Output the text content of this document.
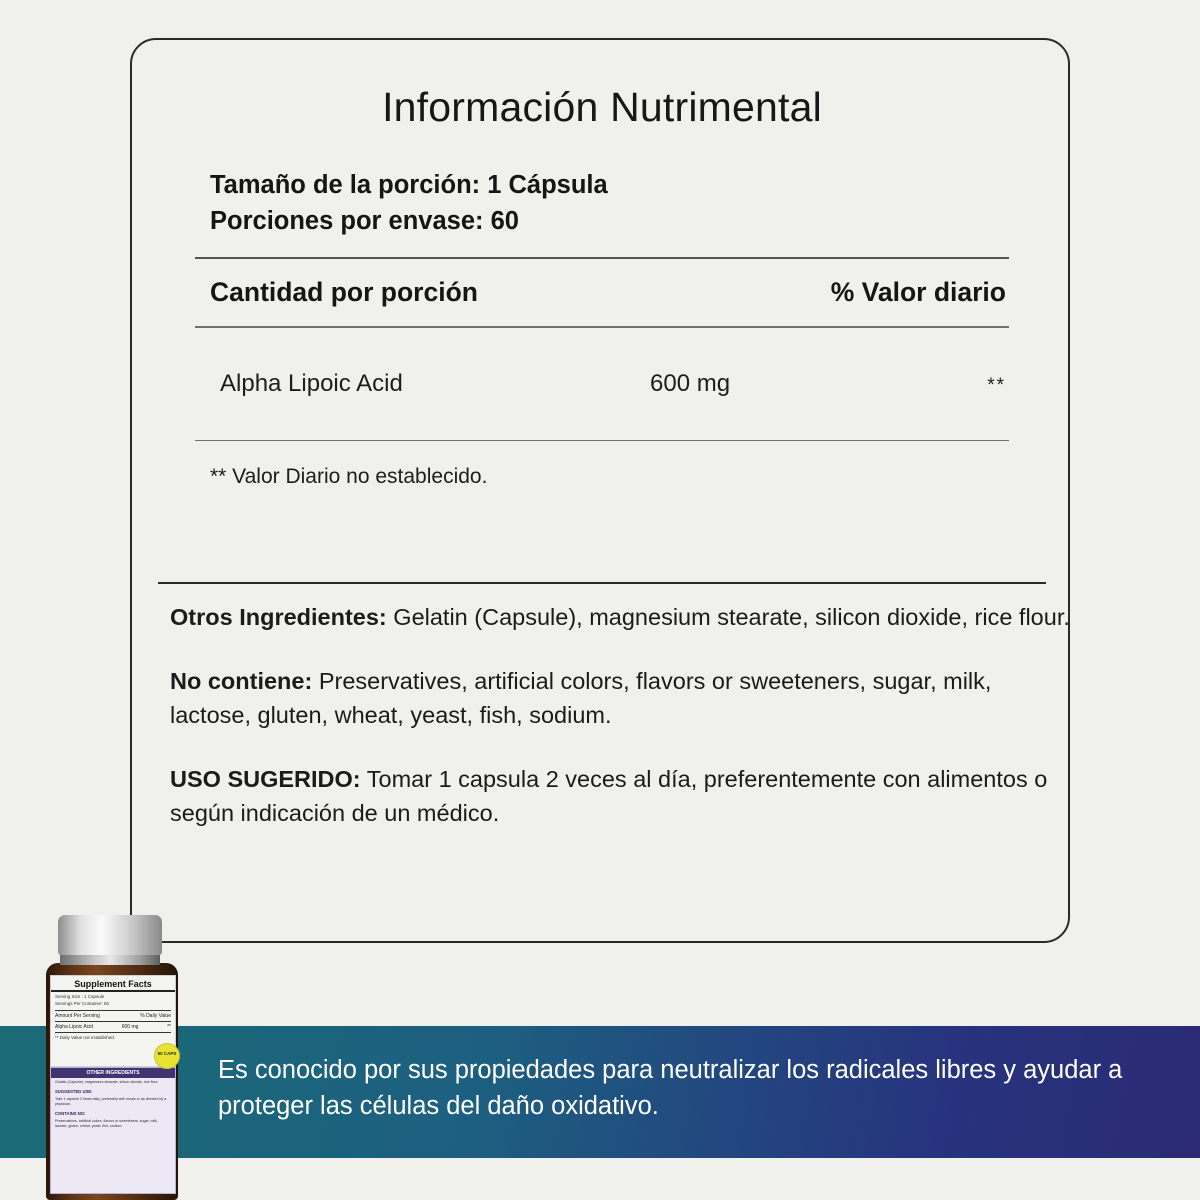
Información Nutrimental
Tamaño de la porción: 1 Cápsula
Porciones por envase: 60
Cantidad por porción	% Valor diario
Alpha Lipoic Acid	600 mg	**
** Valor Diario no establecido.

Otros Ingredientes: Gelatin (Capsule), magnesium stearate, silicon dioxide, rice flour.

No contiene: Preservatives, artificial colors, flavors or sweeteners, sugar, milk, lactose, gluten, wheat, yeast, fish, sodium.

USO SUGERIDO: Tomar 1 capsula 2 veces al día, preferentemente con alimentos o según indicación de un médico.

Es conocido por sus propiedades para neutralizar los radicales libres y ayudar a proteger las células del daño oxidativo.
Supplement Facts
Serving Size : 1 Capsule
Servings Per Container: 60
Amount Per Serving	% Daily Value
Alpha Lipoic Acid	600 mg	**
** Daily Value not established.
OTHER INGREDIENTS
Gelatin (Capsule), magnesium stearate, silicon dioxide, rice flour.
SUGGESTED USE:
Take 1 capsule 2 times daily, preferably with meals or as directed by a physician.
CONTAINS NO:
Preservatives, artificial colors, flavors or sweeteners, sugar, milk, lactose, gluten, wheat, yeast, fish, sodium.
60 CAPS
